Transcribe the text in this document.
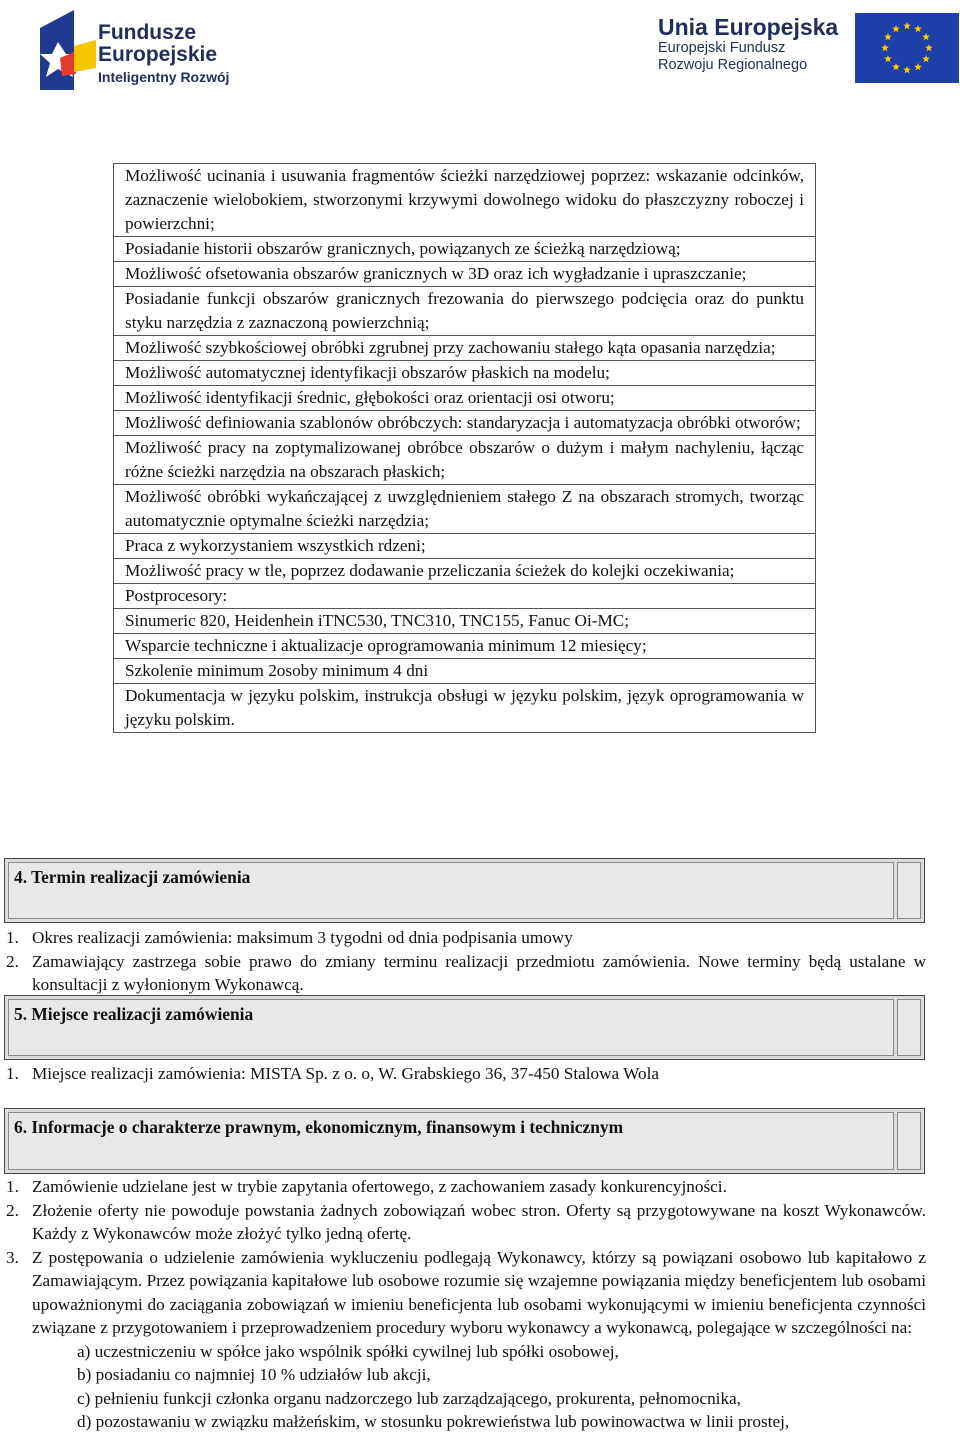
Fundusze
Europejskie
Inteligentny Rozwój
Unia Europejska
Europejski Fundusz
Rozwoju Regionalnego
Możliwość ucinania i usuwania fragmentów ścieżki narzędziowej poprzez: wskazanie odcinków, zaznaczenie wielobokiem, stworzonymi krzywymi dowolnego widoku do płaszczyzny roboczej i powierzchni;
Posiadanie historii obszarów granicznych, powiązanych ze ścieżką narzędziową;
Możliwość ofsetowania obszarów granicznych w 3D oraz ich wygładzanie i upraszczanie;
Posiadanie funkcji obszarów granicznych frezowania do pierwszego podcięcia oraz do punktu styku narzędzia z zaznaczoną powierzchnią;
Możliwość szybkościowej obróbki zgrubnej przy zachowaniu stałego kąta opasania narzędzia;
Możliwość automatycznej identyfikacji obszarów płaskich na modelu;
Możliwość identyfikacji średnic, głębokości oraz orientacji osi otworu;
Możliwość definiowania szablonów obróbczych: standaryzacja i automatyzacja obróbki otworów;
Możliwość pracy na zoptymalizowanej obróbce obszarów o dużym i małym nachyleniu, łącząc różne ścieżki narzędzia na obszarach płaskich;
Możliwość obróbki wykańczającej z uwzględnieniem stałego Z na obszarach stromych, tworząc automatycznie optymalne ścieżki narzędzia;
Praca z wykorzystaniem wszystkich rdzeni;
Możliwość pracy w tle, poprzez dodawanie przeliczania ścieżek do kolejki oczekiwania;
Postprocesory:
Sinumeric 820, Heidenhein iTNC530, TNC310, TNC155, Fanuc Oi-MC;
Wsparcie techniczne i aktualizacje oprogramowania minimum 12 miesięcy;
Szkolenie minimum 2osoby minimum 4 dni
Dokumentacja w języku polskim, instrukcja obsługi w języku polskim, język oprogramowania w języku polskim.
4. Termin realizacji zamówienia
1. Okres realizacji zamówienia: maksimum 3 tygodni od dnia podpisania umowy
2. Zamawiający zastrzega sobie prawo do zmiany terminu realizacji przedmiotu zamówienia. Nowe terminy będą ustalane w konsultacji z wyłonionym Wykonawcą.
5. Miejsce realizacji zamówienia
1. Miejsce realizacji zamówienia: MISTA Sp. z o. o, W. Grabskiego 36, 37-450 Stalowa Wola
6. Informacje o charakterze prawnym, ekonomicznym, finansowym i technicznym
1. Zamówienie udzielane jest w trybie zapytania ofertowego, z zachowaniem zasady konkurencyjności.
2. Złożenie oferty nie powoduje powstania żadnych zobowiązań wobec stron. Oferty są przygotowywane na koszt Wykonawców. Każdy z Wykonawców może złożyć tylko jedną ofertę.
3. Z postępowania o udzielenie zamówienia wykluczeniu podlegają Wykonawcy, którzy są powiązani osobowo lub kapitałowo z Zamawiającym. Przez powiązania kapitałowe lub osobowe rozumie się wzajemne powiązania między beneficjentem lub osobami upoważnionymi do zaciągania zobowiązań w imieniu beneficjenta lub osobami wykonującymi w imieniu beneficjenta czynności związane z przygotowaniem i przeprowadzeniem procedury wyboru wykonawcy a wykonawcą, polegające w szczególności na:
a) uczestniczeniu w spółce jako wspólnik spółki cywilnej lub spółki osobowej,
b) posiadaniu co najmniej 10 % udziałów lub akcji,
c) pełnieniu funkcji członka organu nadzorczego lub zarządzającego, prokurenta, pełnomocnika,
d) pozostawaniu w związku małżeńskim, w stosunku pokrewieństwa lub powinowactwa w linii prostej,
